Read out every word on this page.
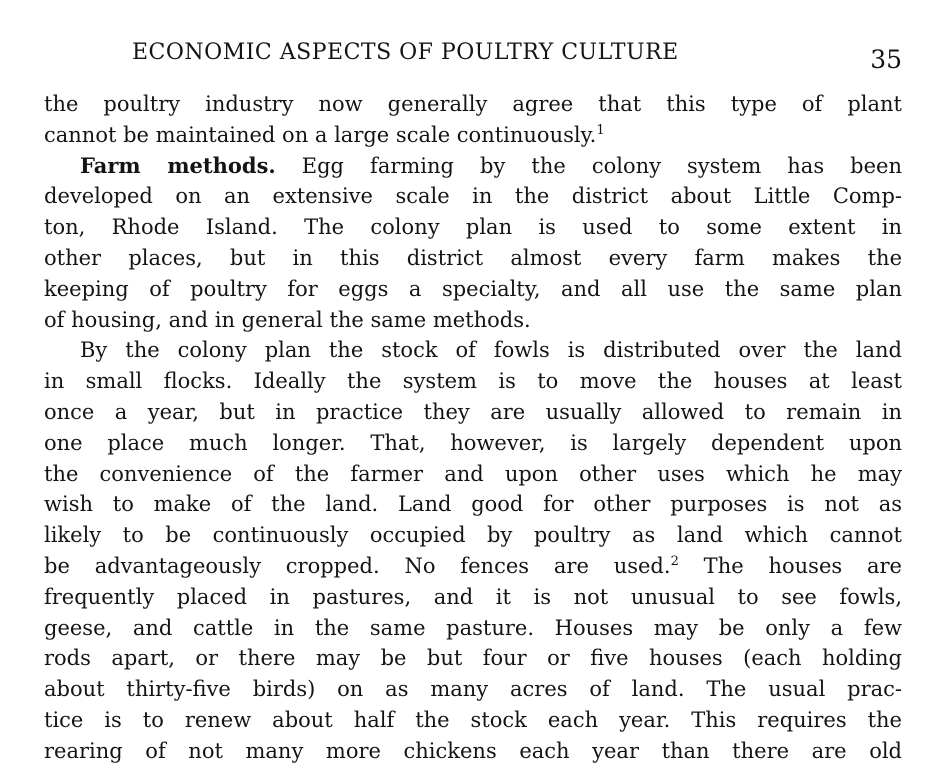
ECONOMIC ASPECTS OF POULTRY CULTURE	35
the poultry industry now generally agree that this type of plant
cannot be maintained on a large scale continuously.$^1$
Farm methods. Egg farming by the colony system has been
developed on an extensive scale in the district about Little Comp-
ton, Rhode Island. The colony plan is used to some extent in
other places, but in this district almost every farm makes the
keeping of poultry for eggs a specialty, and all use the same plan
of housing, and in general the same methods.
By the colony plan the stock of fowls is distributed over the land
in small flocks. Ideally the system is to move the houses at least
once a year, but in practice they are usually allowed to remain in
one place much longer. That, however, is largely dependent upon
the convenience of the farmer and upon other uses which he may
wish to make of the land. Land good for other purposes is not as
likely to be continuously occupied by poultry as land which cannot
be advantageously cropped. No fences are used.$^2$ The houses are
frequently placed in pastures, and it is not unusual to see fowls,
geese, and cattle in the same pasture. Houses may be only a few
rods apart, or there may be but four or five houses (each holding
about thirty-five birds) on as many acres of land. The usual prac-
tice is to renew about half the stock each year. This requires the
rearing of not many more chickens each year than there are old
